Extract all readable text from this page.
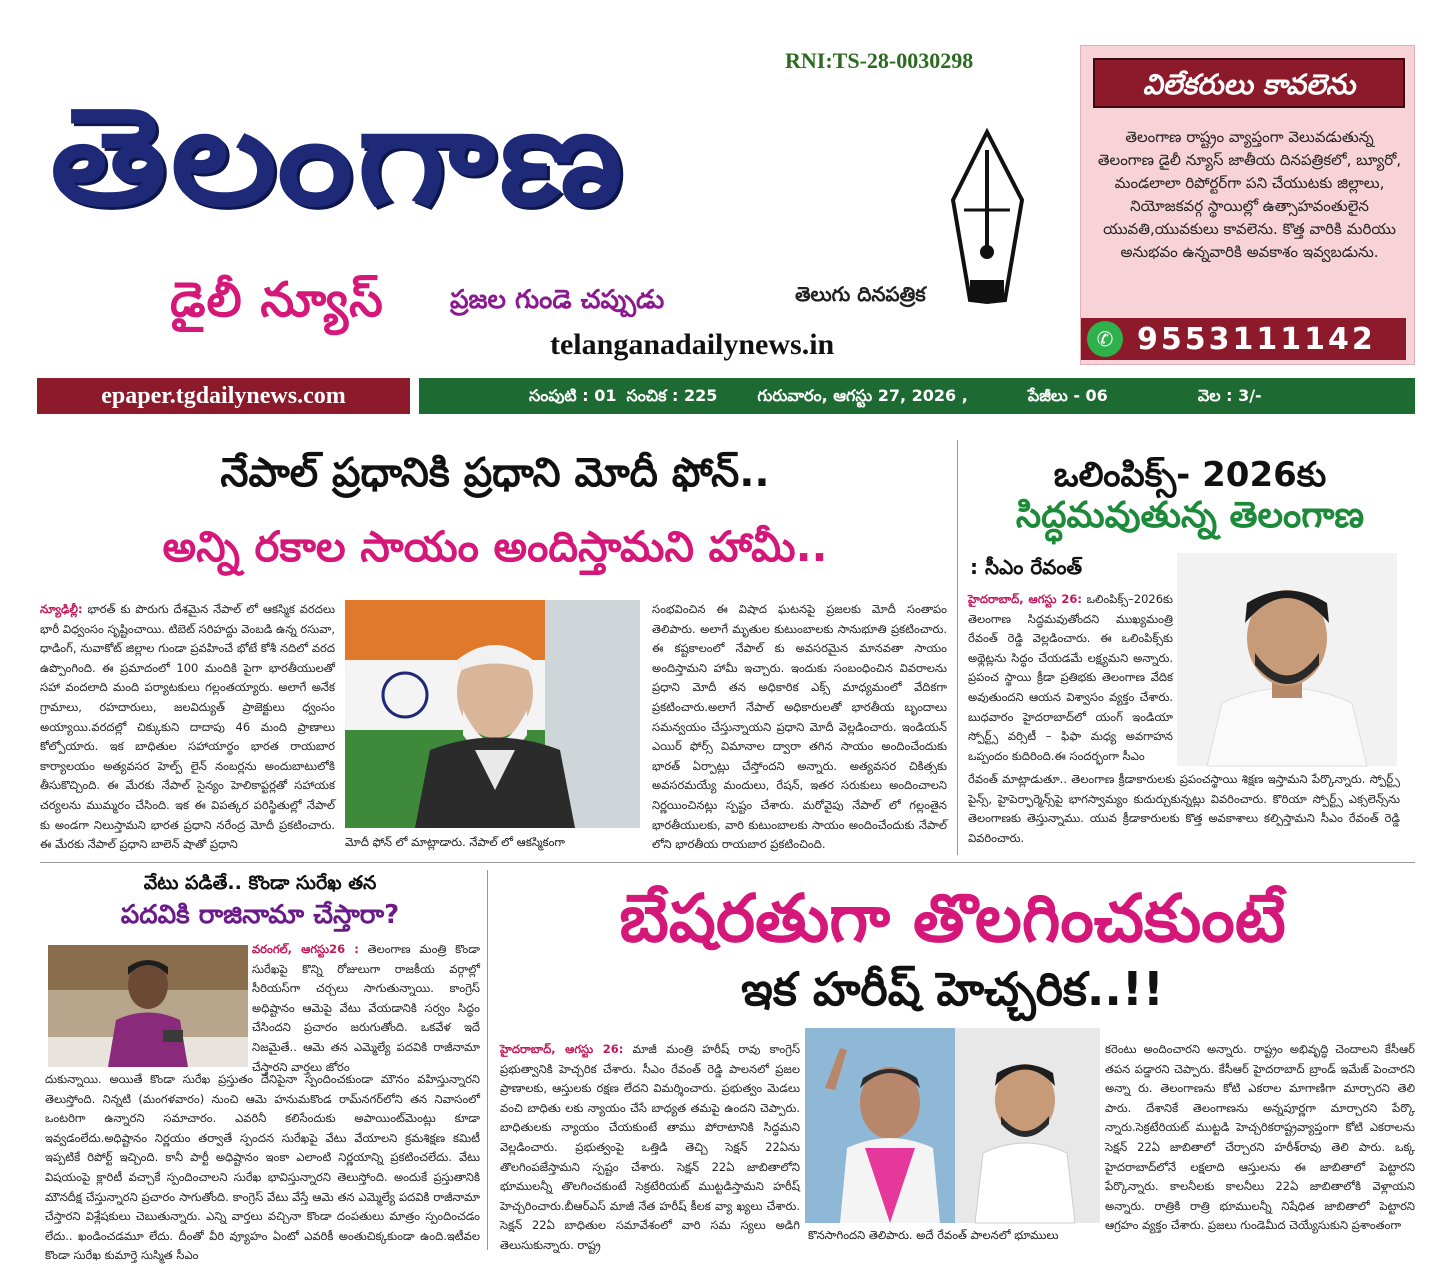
RNI:TS-28-0030298
తెలంగాణ
డైలీ న్యూస్	ప్రజల గుండె చప్పుడు	తెలుగు దినపత్రిక
telanganadailynews.in
విలేకరులు కావలెను
తెలంగాణ రాష్ట్రం వ్యాప్తంగా వెలువడుతున్న తెలంగాణ డైలీ న్యూస్ జాతీయ దినపత్రికలో, బ్యూరో, మండలాలా రిపోర్టర్‌గా పని చేయుటకు జిల్లాలు, నియోజకవర్గ స్థాయిల్లో ఉత్సాహవంతులైన యువతి,యువకులు కావలెను. కొత్త వారికి మరియు అనుభవం ఉన్నవారికి అవకాశం ఇవ్వబడును.
✆ 9553111142
epaper.tgdailynews.com	సంపుటి : 01 సంచిక : 225	గురువారం, ఆగస్టు 27, 2026 ,	పేజీలు - 06	వెల : 3/-
నేపాల్ ప్రధానికి ప్రధాని మోదీ ఫోన్..
అన్ని రకాల సాయం అందిస్తామని హామీ..
న్యూఢిల్లీ: భారత్ కు పొరుగు దేశమైన నేపాల్ లో ఆకస్మిక వరదలు భారీ విధ్వంసం సృష్టించాయి. టిబెట్ సరిహద్దు వెంబడి ఉన్న రసువా, ధాడింగ్, నువాకోట్ జిల్లాల గుండా ప్రవహించే భోటే కోశీ నదిలో వరద ఉప్పొంగింది. ఈ ప్రమాదంలో 100 మందికి పైగా భారతీయులతో సహా వందలాది మంది పర్యాటకులు గల్లంతయ్యారు. అలాగే అనేక గ్రామాలు, రహదారులు, జలవిద్యుత్ ప్రాజెక్టులు ధ్వంసం అయ్యాయి.వరదల్లో చిక్కుకుని దాదాపు 46 మంది ప్రాణాలు కోల్పోయారు. ఇక బాధితుల సహాయార్థం భారత రాయబార కార్యాలయం అత్యవసర హెల్ప్ లైన్ నంబర్లను అందుబాటులోకి తీసుకొచ్చింది. ఈ మేరకు నేపాల్ సైన్యం హెలికాప్టర్లతో సహాయక చర్యలను ముమ్మరం చేసింది. ఇక ఈ విపత్కర పరిస్థితుల్లో నేపాల్ కు అండగా నిలుస్తామని భారత ప్రధాని నరేంద్ర మోదీ ప్రకటించారు. ఈ మేరకు నేపాల్ ప్రధాని బాలెన్ షాతో ప్రధాని	మోదీ ఫోన్ లో మాట్లాడారు. నేపాల్ లో ఆకస్మికంగా
సంభవించిన ఈ విషాద ఘటనపై ప్రజలకు మోదీ సంతాపం తెలిపారు. అలాగే మృతుల కుటుంబాలకు సానుభూతి ప్రకటించారు. ఈ కష్టకాలంలో నేపాల్ కు అవసరమైన మానవతా సాయం అందిస్తామని హామీ ఇచ్చారు. ఇందుకు సంబంధించిన వివరాలను ప్రధాని మోదీ తన అధికారిక ఎక్స్ మాధ్యమంలో వేదికగా ప్రకటించారు.అలాగే నేపాల్ అధికారులతో భారతీయ బృందాలు సమన్వయం చేస్తున్నాయని ప్రధాని మోదీ వెల్లడించారు. ఇండియన్ ఎయిర్ ఫోర్స్ విమానాల ద్వారా తగిన సాయం అందించేందుకు భారత్ ఏర్పాట్లు చేస్తోందని అన్నారు. అత్యవసర చికిత్సకు అవసరమయ్యే మందులు, రేషన్, ఇతర సరుకులు అందించాలని నిర్ణయించినట్లు స్పష్టం చేశారు. మరోవైపు నేపాల్ లో గల్లంతైన భారతీయులకు, వారి కుటుంబాలకు సాయం అందించేందుకు నేపాల్ లోని భారతీయ రాయబార ప్రకటించింది.
ఒలింపిక్స్- 2026కు
సిద్ధమవుతున్న తెలంగాణ
: సీఎం రేవంత్
హైదరాబాద్, ఆగస్టు 26: ఒలింపిక్స్–2026కు తెలంగాణ సిద్ధమవుతోందని ముఖ్యమంత్రి రేవంత్ రెడ్డి వెల్లడించారు. ఈ ఒలింపిక్స్‌కు అథ్లెట్లను సిద్ధం చేయడమే లక్ష్యమని అన్నారు. ప్రపంచ స్థాయి క్రీడా ప్రతిభకు తెలంగాణ వేదిక అవుతుందని ఆయన విశ్వాసం వ్యక్తం చేశారు. బుధవారం హైదరాబాద్‌లో యంగ్ ఇండియా స్పోర్ట్స్ వర్సిటీ – ఫిఫా మధ్య అవగాహన ఒప్పందం కుదిరింది.ఈ సందర్భంగా సీఎం
రేవంత్ మాట్లాడుతూ.. తెలంగాణ క్రీడాకారులకు ప్రపంచస్థాయి శిక్షణ ఇస్తామని పేర్కొన్నారు. స్పోర్ట్స్ పైన్స్, హైపెర్ఫార్మెన్స్‌పై భాగస్వామ్యం కుదుర్చుకున్నట్లు వివరించారు. కొరియా స్పోర్ట్స్ ఎక్సలెన్స్‌ను తెలంగాణకు తెస్తున్నాము. యువ క్రీడాకారులకు కొత్త అవకాశాలు కల్పిస్తామని సీఎం రేవంత్ రెడ్డి వివరించారు.
వేటు పడితే.. కొండా సురేఖ తన
పదవికి రాజినామా చేస్తారా?
వరంగల్, ఆగస్టు26 : తెలంగాణ మంత్రి కొండా సురేఖపై కొన్ని రోజులుగా రాజకీయ వర్గాల్లో సీరియస్‌గా చర్చలు సాగుతున్నాయి. కాంగ్రెస్ అధిష్టానం ఆమెపై వేటు వేయడానికి సర్వం సిద్ధం చేసిందని ప్రచారం జరుగుతోంది. ఒకవేళ ఇదే నిజమైతే.. ఆమె తన ఎమ్మెల్యే పదవికి రాజీనామా చేస్తారని వార్తలు జోరం
దుకున్నాయి. అయితే కొండా సురేఖ ప్రస్తుతం దేనిపైనా స్పందించకుండా మౌనం వహిస్తున్నారని తెలుస్తోంది. నిన్నటి (మంగళవారం) నుంచి ఆమె హనుమకొండ రామ్‌నగర్‌లోని తన నివాసంలో ఒంటరిగా ఉన్నారని సమాచారం. ఎవరినీ కలిసేందుకు అపాయింట్‌మెంట్లు కూడా ఇవ్వడంలేదు.అధిష్టానం నిర్ణయం తర్వాతే స్పందన సురేఖపై వేటు వేయాలని క్రమశిక్షణ కమిటీ ఇప్పటికే రిపోర్ట్ ఇచ్చింది. కానీ పార్టీ అధిష్టానం ఇంకా ఎలాంటి నిర్ణయాన్ని ప్రకటించలేదు. వేటు విషయంపై క్లారిటీ వచ్చాకే స్పందించాలని సురేఖ భావిస్తున్నారని తెలుస్తోంది. అందుకే ప్రస్తుతానికి మౌనదీక్ష చేస్తున్నారని ప్రచారం సాగుతోంది. కాంగ్రెస్ వేటు వేస్తే ఆమె తన ఎమ్మెల్యే పదవికి రాజీనామా చేస్తారని విశ్లేషకులు చెబుతున్నారు. ఎన్ని వార్తలు వచ్చినా కొండా దంపతులు మాత్రం స్పందించడం లేదు.. ఖండించడమూ లేదు. దీంతో వీరి వ్యూహం ఏంటో ఎవరికీ అంతుచిక్కకుండా ఉంది.ఇటీవల కొండా సురేఖ కుమార్తె సుస్మిత సీఎం
బేషరతుగా తొలగించకుంటే
ఇక హరీష్ హెచ్చరిక..!!
హైదరాబాద్, ఆగస్టు 26: మాజీ మంత్రి హరీష్ రావు కాంగ్రెస్ ప్రభుత్వానికి హెచ్చరిక చేశారు. సీఎం రేవంత్ రెడ్డి పాలనలో ప్రజల ప్రాణాలకు, ఆస్తులకు రక్షణ లేదని విమర్శించారు. ప్రభుత్వం మెడలు వంచి బాధితు లకు న్యాయం చేసే బాధ్యత తమపై ఉందని చెప్పారు. బాధితులకు న్యాయం చేయకుంటే తాము పోరాటానికి సిద్ధమని వెల్లడించారు. ప్రభుత్వంపై ఒత్తిడి తెచ్చి సెక్షన్ 22ఏను తొలగింపజేస్తామని స్పష్టం చేశారు. సెక్షన్ 22ఏ జాబితాలోని భూములన్నీ తొలగించకుంటే సెక్రటేరియట్ ముట్టడిస్తామని హరీష్ హెచ్చరించారు.బీఆర్ఎస్ మాజీ నేత హరీష్ కీలక వ్యా ఖ్యలు చేశారు. సెక్షన్ 22ఏ బాధితుల సమావేశంలో వారి సమ స్యలు అడిగి తెలుసుకున్నారు. రాష్ట్ర
కొనసాగిందని తెలిపారు. అదే రేవంత్ పాలనలో భూములు
కరెంటు అందించారని అన్నారు. రాష్ట్రం అభివృద్ధి చెందాలని కేసీఆర్ తపన పడ్డారని చెప్పారు. కేసీఆర్ హైదరాబాద్ బ్రాండ్ ఇమేజ్ పెంచారని అన్నా రు. తెలంగాణను కోటి ఎకరాల మాగాణిగా మార్చారని తెలి పారు. దేశానికే తెలంగాణను అన్నపూర్ణగా మార్చారని పేర్కొ న్నారు.సెక్రటేరియట్ ముట్టడి హెచ్చరికరాష్ట్రవ్యాప్తంగా కోటి ఎకరాలను సెక్షన్ 22ఏ జాబితాలో చేర్చారని హరీశ్‌రావు తెలి పారు. ఒక్క హైదరాబాద్‌లోనే లక్షలాది ఆస్తులను ఈ జాబితాలో పెట్టారని పేర్కొన్నారు. కాలనీలకు కాలనీలు 22ఏ జాబితాలోకి వెళ్లాయని అన్నారు. రాత్రికి రాత్రి భూములన్నీ నిషేధిత జాబితాలో పెట్టారని ఆగ్రహం వ్యక్తం చేశారు. ప్రజలు గుండెమీద చెయ్యేసుకుని ప్రశాంతంగా
